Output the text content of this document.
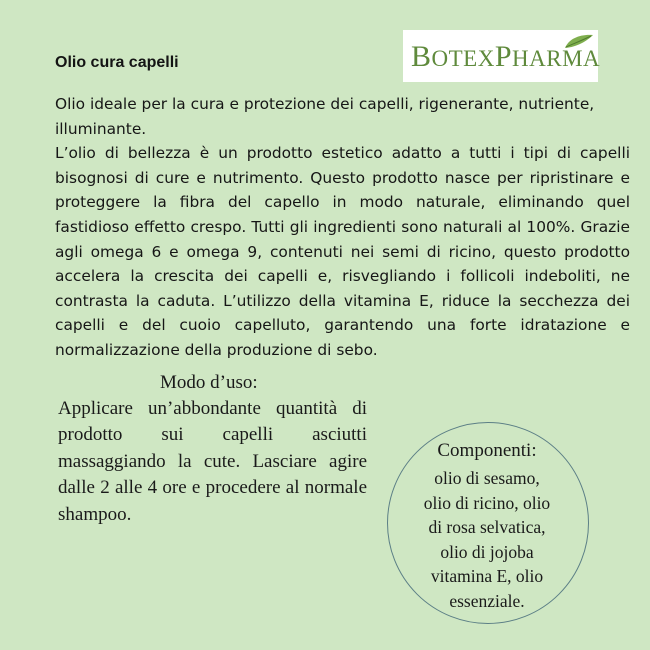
Olio cura capelli	BOTEXPHARMA
Olio ideale per la cura e protezione dei capelli, rigenerante, nutriente, illuminante.
L’olio di bellezza è un prodotto estetico adatto a tutti i tipi di capelli bisognosi di cure e nutrimento. Questo prodotto nasce per ripristinare e proteggere la fibra del capello in modo naturale, eliminando quel fastidioso effetto crespo. Tutti gli ingredienti sono naturali al 100%. Grazie agli omega 6 e omega 9, contenuti nei semi di ricino, questo prodotto accelera la crescita dei capelli e, risvegliando i follicoli indeboliti, ne contrasta la caduta. L’utilizzo della vitamina E, riduce la secchezza dei capelli e del cuoio capelluto, garantendo una forte idratazione e normalizzazione della produzione di sebo.
Modo d’uso:

Applicare un’abbondante quantità di prodotto sui capelli asciutti massaggiando la cute. Lasciare agire dalle 2 alle 4 ore e procedere al normale shampoo.

Componenti:
olio di sesamo,
olio di ricino, olio
di rosa selvatica,
olio di jojoba
vitamina E, olio
essenziale.
